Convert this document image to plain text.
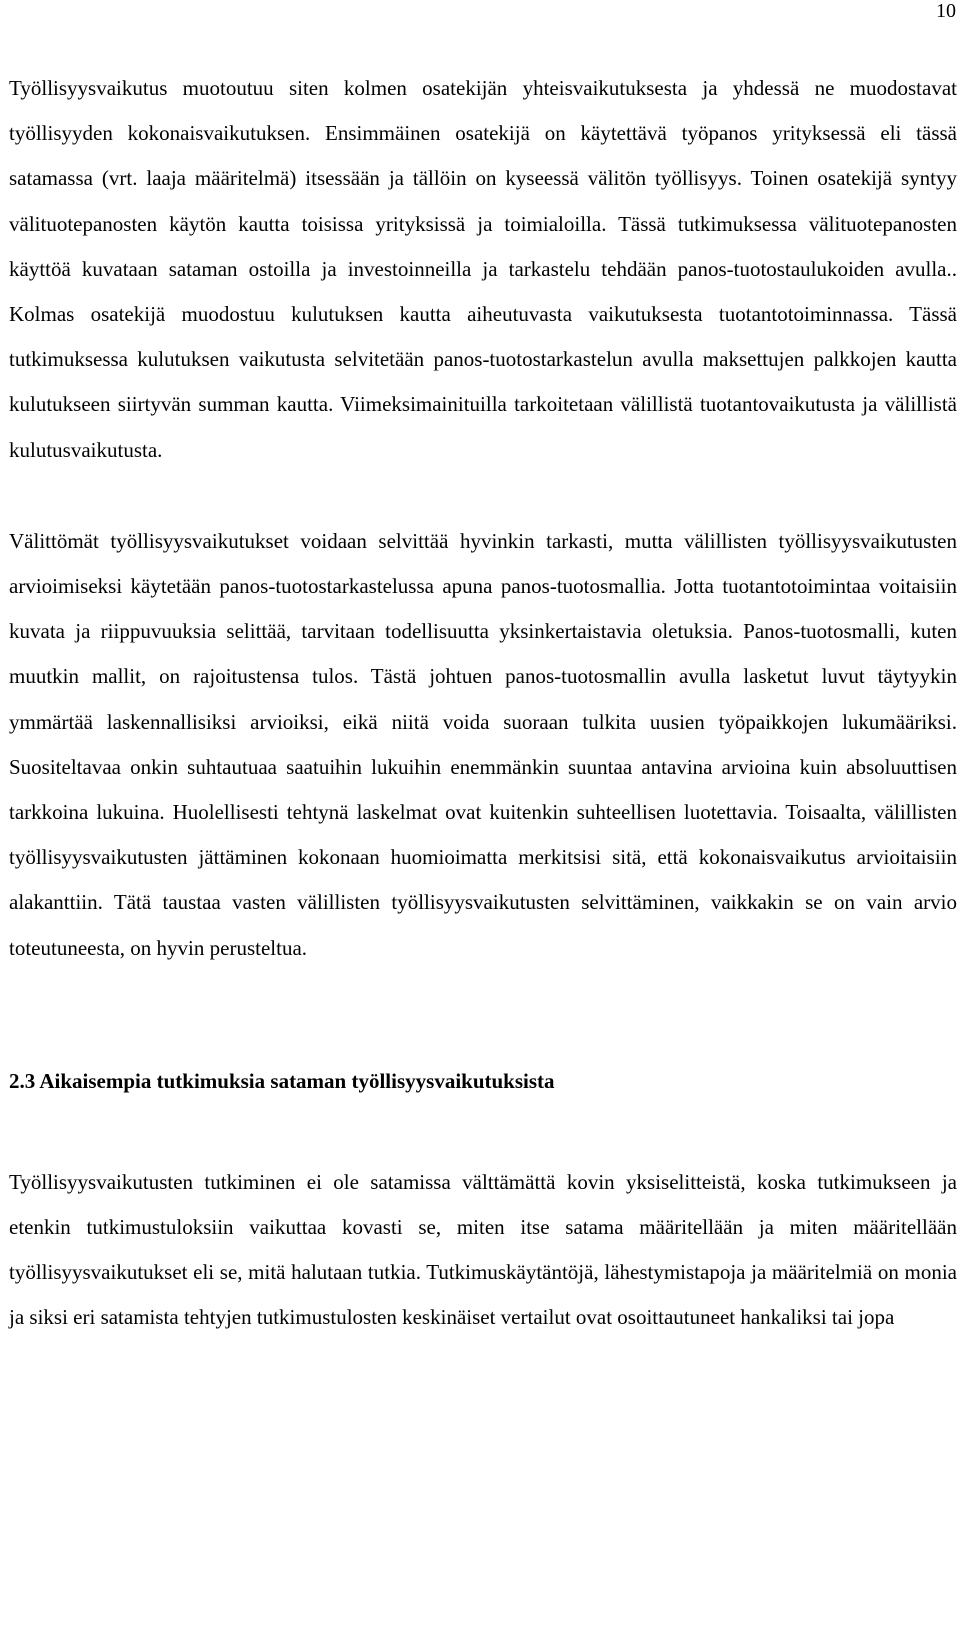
10

Työllisyysvaikutus muotoutuu siten kolmen osatekijän yhteisvaikutuksesta ja yhdessä ne muodostavat työllisyyden kokonaisvaikutuksen. Ensimmäinen osatekijä on käytettävä työpanos yrityksessä eli tässä satamassa (vrt. laaja määritelmä) itsessään ja tällöin on kyseessä välitön työllisyys. Toinen osatekijä syntyy välituotepanosten käytön kautta toisissa yrityksissä ja toimialoilla. Tässä tutkimuksessa välituotepanosten käyttöä kuvataan sataman ostoilla ja investoinneilla ja tarkastelu tehdään panos-tuotostaulukoiden avulla.. Kolmas osatekijä muodostuu kulutuksen kautta aiheutuvasta vaikutuksesta tuotantotoiminnassa. Tässä tutkimuksessa kulutuksen vaikutusta selvitetään panos-tuotostarkastelun avulla maksettujen palkkojen kautta kulutukseen siirtyvän summan kautta. Viimeksimainituilla tarkoitetaan välillistä tuotantovaikutusta ja välillistä kulutusvaikutusta.

Välittömät työllisyysvaikutukset voidaan selvittää hyvinkin tarkasti, mutta välillisten työllisyysvaikutusten arvioimiseksi käytetään panos-tuotostarkastelussa apuna panos-tuotosmallia. Jotta tuotantotoimintaa voitaisiin kuvata ja riippuvuuksia selittää, tarvitaan todellisuutta yksinkertaistavia oletuksia. Panos-tuotosmalli, kuten muutkin mallit, on rajoitustensa tulos. Tästä johtuen panos-tuotosmallin avulla lasketut luvut täytyykin ymmärtää laskennallisiksi arvioiksi, eikä niitä voida suoraan tulkita uusien työpaikkojen lukumääriksi. Suositeltavaa onkin suhtautuaa saatuihin lukuihin enemmänkin suuntaa antavina arvioina kuin absoluuttisen tarkkoina lukuina. Huolellisesti tehtynä laskelmat ovat kuitenkin suhteellisen luotettavia. Toisaalta, välillisten työllisyysvaikutusten jättäminen kokonaan huomioimatta merkitsisi sitä, että kokonaisvaikutus arvioitaisiin alakanttiin. Tätä taustaa vasten välillisten työllisyysvaikutusten selvittäminen, vaikkakin se on vain arvio toteutuneesta, on hyvin perusteltua.

2.3 Aikaisempia tutkimuksia sataman työllisyysvaikutuksista

Työllisyysvaikutusten tutkiminen ei ole satamissa välttämättä kovin yksiselitteistä, koska tutkimukseen ja etenkin tutkimustuloksiin vaikuttaa kovasti se, miten itse satama määritellään ja miten määritellään työllisyysvaikutukset eli se, mitä halutaan tutkia. Tutkimuskäytäntöjä, lähestymistapoja ja määritelmiä on monia ja siksi eri satamista tehtyjen tutkimustulosten keskinäiset vertailut ovat osoittautuneet hankaliksi tai jopa
